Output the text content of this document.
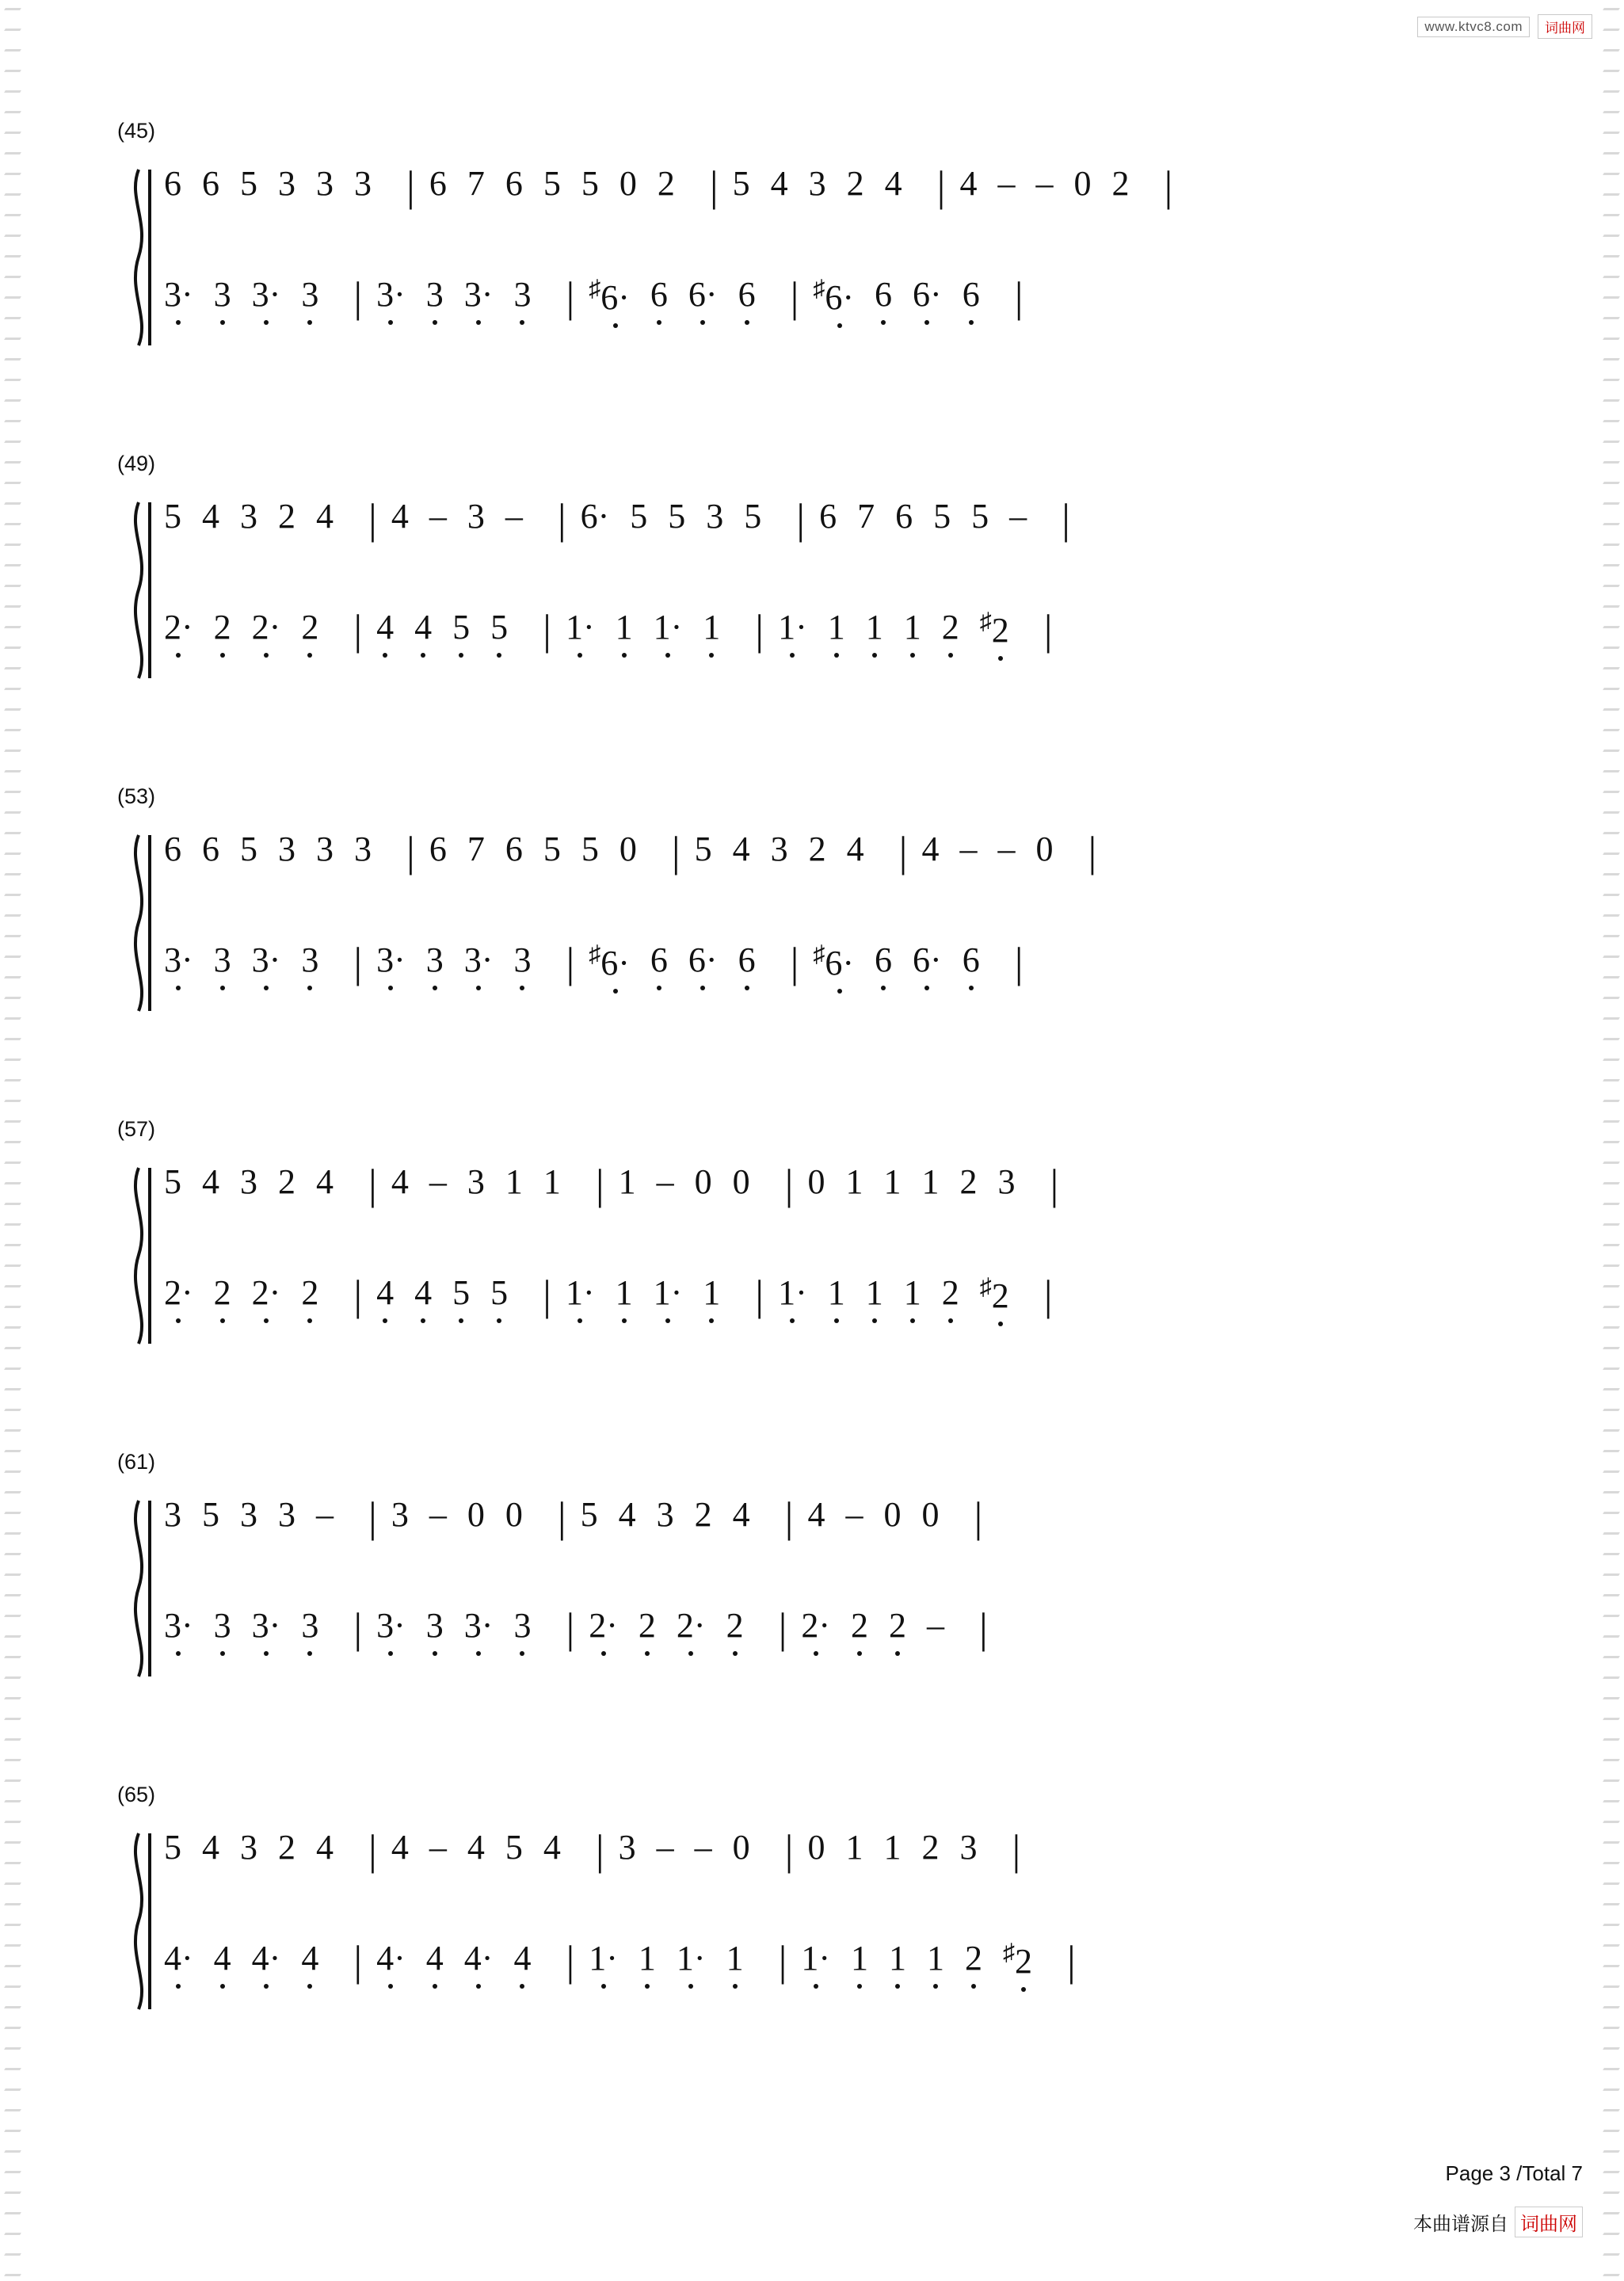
www.ktvc8.com	词曲网
(45)
6 6 5 3 3 3 | 6 7 6 5 5 0 2 | 5 4 3 2 4 | 4 – – 0 2 |
3· 3 3· 3 | 3· 3 3· 3 | ♯6· 6 6· 6 | ♯6· 6 6· 6 |
(49)
5 4 3 2 4 | 4 – 3 – | 6· 5 5 3 5 | 6 7 6 5 5 – |
2· 2 2· 2 | 4 4 5 5 | 1· 1 1· 1 | 1· 1 1 1 2 ♯2 |
(53)
6 6 5 3 3 3 | 6 7 6 5 5 0 | 5 4 3 2 4 | 4 – – 0 |
3· 3 3· 3 | 3· 3 3· 3 | ♯6· 6 6· 6 | ♯6· 6 6· 6 |
(57)
5 4 3 2 4 | 4 – 3 1 1 | 1 – 0 0 | 0 1 1 1 2 3 |
2· 2 2· 2 | 4 4 5 5 | 1· 1 1· 1 | 1· 1 1 1 2 ♯2 |
(61)
3 5 3 3 – | 3 – 0 0 | 5 4 3 2 4 | 4 – 0 0 |
3· 3 3· 3 | 3· 3 3· 3 | 2· 2 2· 2 | 2· 2 2 – |
(65)
5 4 3 2 4 | 4 – 4 5 4 | 3 – – 0 | 0 1 1 2 3 |
4· 4 4· 4 | 4· 4 4· 4 | 1· 1 1· 1 | 1· 1 1 1 2 ♯2 |
Page 3 /Total 7
本曲谱源自 词曲网
